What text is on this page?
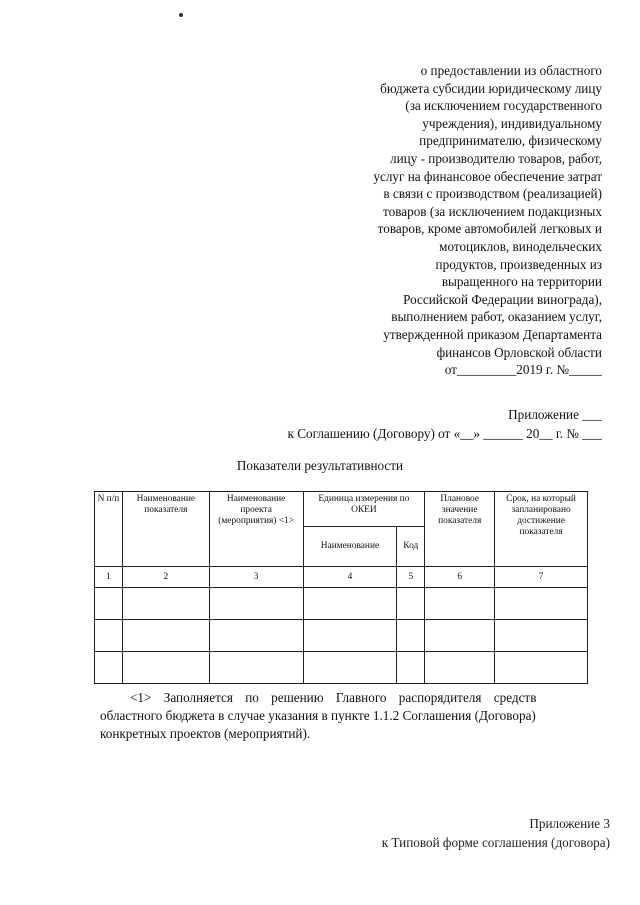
о предоставлении из областного
бюджета субсидии юридическому лицу
(за исключением государственного
учреждения), индивидуальному
предпринимателю, физическому
лицу - производителю товаров, работ,
услуг на финансовое обеспечение затрат
в связи с производством (реализацией)
товаров (за исключением подакцизных
товаров, кроме автомобилей легковых и
мотоциклов, винодельческих
продуктов, произведенных из
выращенного на территории
Российской Федерации винограда),
выполнением работ, оказанием услуг,
утвержденной приказом Департамента
финансов Орловской области
от_________2019 г. №_____
Приложение ___
к Соглашению (Договору) от «__» ______ 20__ г. № ___
Показатели результативности
N п/п	Наименование показателя	Наименование проекта (мероприятия) <1>	Единица измерения по ОКЕИ		Плановое значение показателя	Срок, на который запланировано достижение показателя
			Наименование	Код		
1	2	3	4	5	6	7

<1> Заполняется по решению Главного распорядителя средств
областного бюджета в случае указания в пункте 1.1.2 Соглашения (Договора)
конкретных проектов (мероприятий).
Приложение 3
к Типовой форме соглашения (договора)
